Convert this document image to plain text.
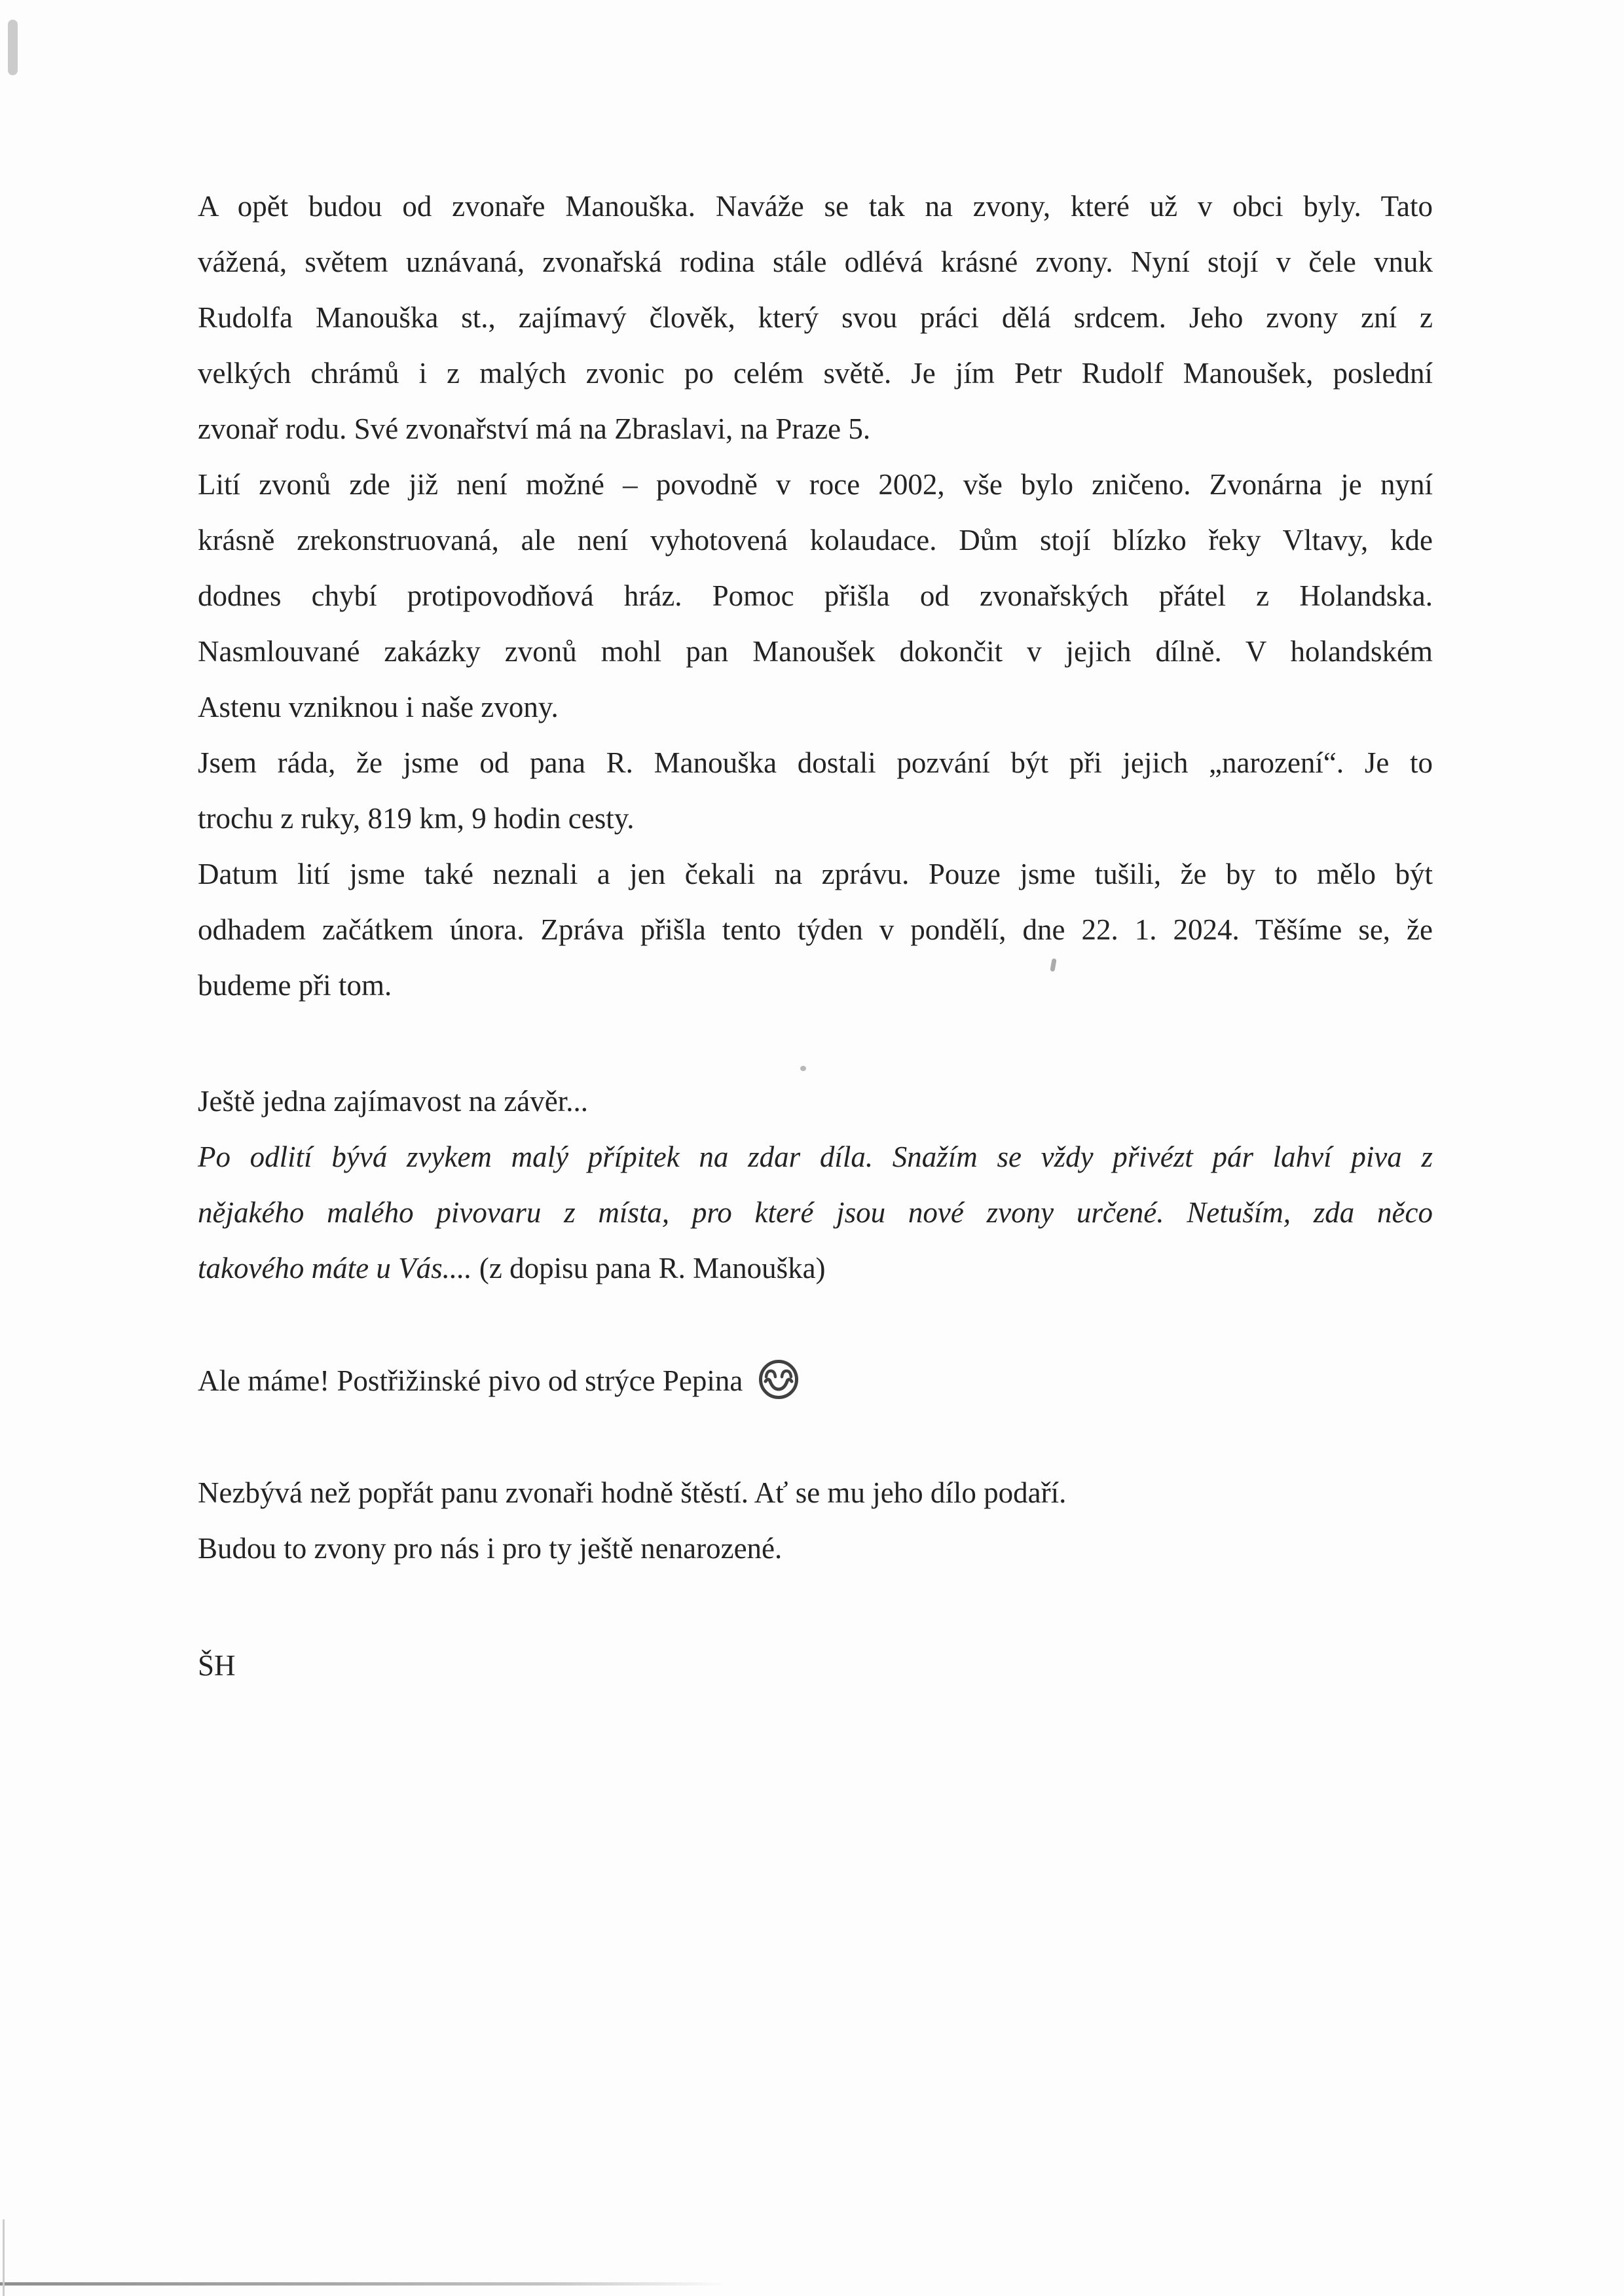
A opět budou od zvonaře Manouška. Naváže se tak na zvony, které už v obci byly. Tato
vážená, světem uznávaná, zvonařská rodina stále odlévá krásné zvony. Nyní stojí v čele vnuk
Rudolfa Manouška st., zajímavý člověk, který svou práci dělá srdcem. Jeho zvony zní z
velkých chrámů i z malých zvonic po celém světě. Je jím Petr Rudolf Manoušek, poslední
zvonař rodu. Své zvonařství má na Zbraslavi, na Praze 5.
Lití zvonů zde již není možné – povodně v roce 2002, vše bylo zničeno. Zvonárna je nyní
krásně zrekonstruovaná, ale není vyhotovená kolaudace. Dům stojí blízko řeky Vltavy, kde
dodnes chybí protipovodňová hráz. Pomoc přišla od zvonařských přátel z Holandska.
Nasmlouvané zakázky zvonů mohl pan Manoušek dokončit v jejich dílně. V holandském
Astenu vzniknou i naše zvony.
Jsem ráda, že jsme od pana R. Manouška dostali pozvání být při jejich „narození“. Je to
trochu z ruky, 819 km, 9 hodin cesty.
Datum lití jsme také neznali a jen čekali na zprávu. Pouze jsme tušili, že by to mělo být
odhadem začátkem února. Zpráva přišla tento týden v pondělí, dne 22. 1. 2024. Těšíme se, že
budeme při tom.
Ještě jedna zajímavost na závěr...
Po odlití bývá zvykem malý přípitek na zdar díla. Snažím se vždy přivézt pár lahví piva z
nějakého malého pivovaru z místa, pro které jsou nové zvony určené. Netuším, zda něco
takového máte u Vás.... (z dopisu pana R. Manouška)
Ale máme! Postřižinské pivo od strýce Pepina
Nezbývá než popřát panu zvonaři hodně štěstí. Ať se mu jeho dílo podaří.
Budou to zvony pro nás i pro ty ještě nenarozené.
ŠH
